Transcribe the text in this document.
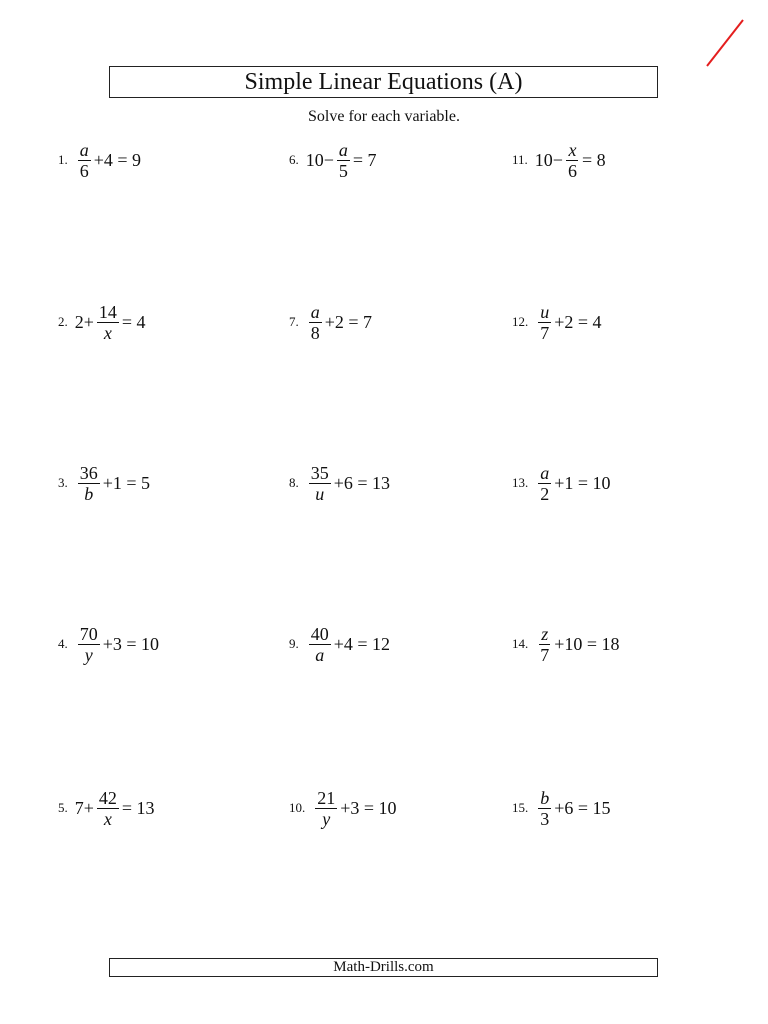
Simple Linear Equations (A)
Solve for each variable.
1. $\frac{a}{6} +4 = 9$
2. $2+ \frac{14}{x} = 4$
3. $\frac{36}{b} +1 = 5$
4. $\frac{70}{y} +3 = 10$
5. $7+ \frac{42}{x} = 13$
6. $10- \frac{a}{5} = 7$
7. $\frac{a}{8} +2 = 7$
8. $\frac{35}{u} +6 = 13$
9. $\frac{40}{a} +4 = 12$
10. $\frac{21}{y} +3 = 10$
11. $10- \frac{x}{6} = 8$
12. $\frac{u}{7} +2 = 4$
13. $\frac{a}{2} +1 = 10$
14. $\frac{z}{7} +10 = 18$
15. $\frac{b}{3} +6 = 15$
Math-Drills.com
